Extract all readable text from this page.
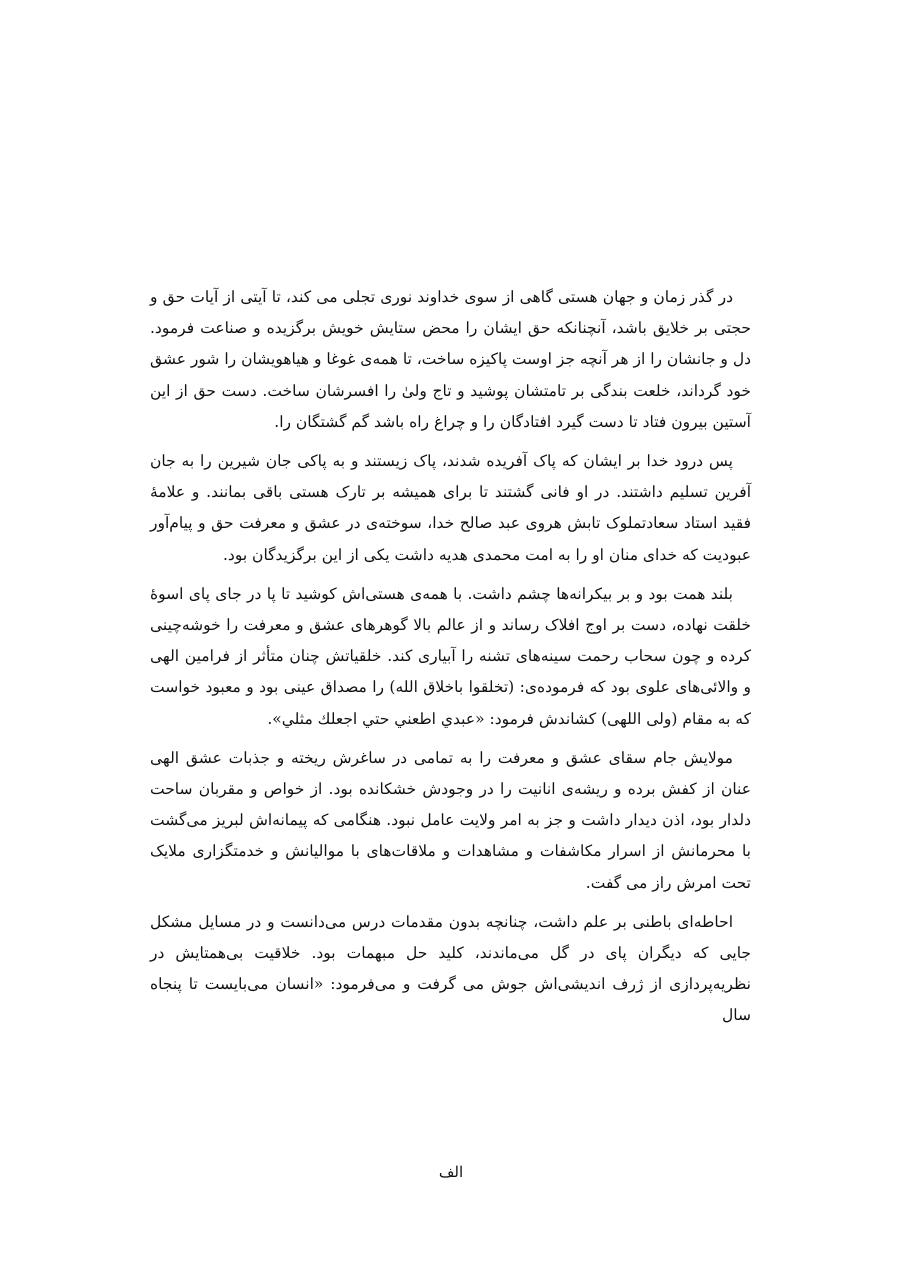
در گذر زمان و جهان هستی گاهی از سوی خداوند نوری تجلی می کند، تا آیتی از آیات حق و حجتی بر خلایق باشد، آنچنانکه حق ایشان را محض ستایش خویش برگزیده و صناعت فرمود. دل و جانشان را از هر آنچه جز اوست پاکیزه ساخت، تا همه‌ی غوغا و هیاهویشان را شور عشق خود گرداند، خلعت بندگی بر تامتشان پوشید و تاج ولیٰ را افسرشان ساخت. دست حق از این آستین بیرون فتاد تا دست گیرد افتادگان را و چراغ راه باشد گم گشتگان را.

پس درود خدا بر ایشان که پاک آفریده شدند، پاک زیستند و به پاکی جان شیرین را به جان آفرین تسلیم داشتند. در او فانی گشتند تا برای همیشه بر تارک هستی باقی بمانند. و علامهٔ فقید استاد سعادتملوک تابش هروی عبد صالح خدا، سوخته‌ی در عشق و معرفت حق و پیام‌آور عبودیت که خدای منان او را به امت محمدی هدیه داشت یکی از این برگزیدگان بود.

بلند همت بود و بر بیکرانه‌ها چشم داشت. با همه‌ی هستی‌اش کوشید تا پا در جای پای اسوهٔ خلقت نهاده، دست بر اوج افلاک رساند و از عالم بالا گوهرهای عشق و معرفت را خوشه‌چینی کرده و چون سحاب رحمت سینه‌های تشنه را آبیاری کند. خلقیاتش چنان متأثر از فرامین الهی و والائی‌های علوی بود که فرموده‌ی: (تخلقوا باخلاق الله) را مصداق عینی بود و معبود خواست که به مقام (ولی اللهی) کشاندش فرمود: «عبدي اطعني حتي اجعلك مثلي».

مولایش جام سقای عشق و معرفت را به تمامی در ساغرش ریخته و جذبات عشق الهی عنان از کفش برده و ریشه‌ی انانیت را در وجودش خشکانده بود. از خواص و مقربان ساحت دلدار بود، اذن دیدار داشت و جز به امر ولایت عامل نبود. هنگامی که پیمانه‌اش لبریز می‌گشت با محرمانش از اسرار مکاشفات و مشاهدات و ملاقات‌های با موالیانش و خدمتگزاری ملایک تحت امرش راز می گفت.

احاطه‌ای باطنی بر علم داشت، چنانچه بدون مقدمات درس می‌دانست و در مسایل مشکل جایی که دیگران پای در گل می‌ماندند، کلید حل مبهمات بود. خلاقیت بی‌همتایش در نظریه‌پردازی از ژرف اندیشی‌اش جوش می گرفت و می‌فرمود: «انسان می‌بایست تا پنجاه سال

الف
